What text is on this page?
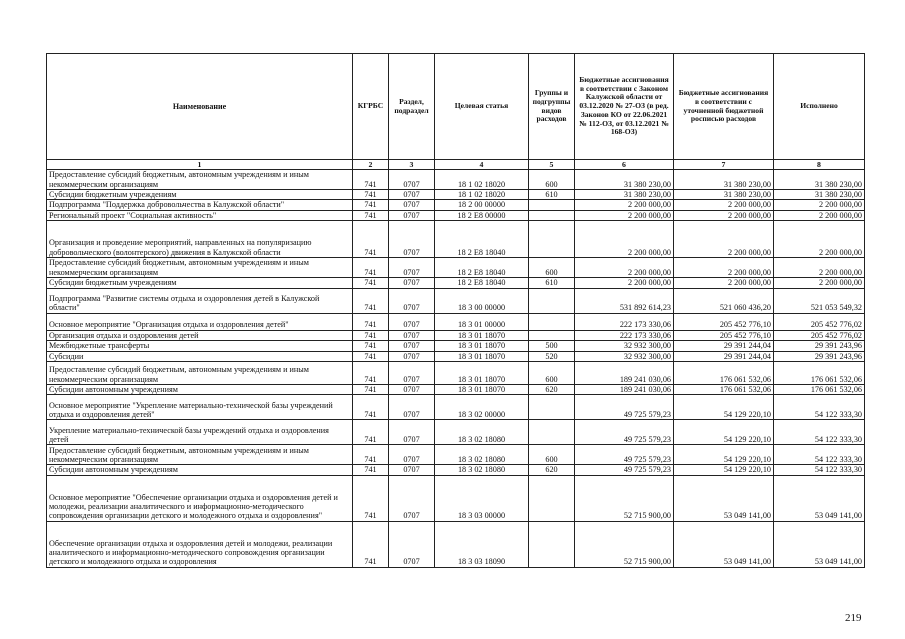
Наименование	КГРБС	Раздел, подраздел	Целевая статья	Группы и подгруппы видов расходов	Бюджетные ассигнования в соответствии с Законом Калужской области от 03.12.2020 № 27-ОЗ (в ред. Законов КО от 22.06.2021 № 112-ОЗ, от 03.12.2021 № 168-ОЗ)	Бюджетные ассигнования в соответствии с уточненной бюджетной росписью расходов	Исполнено
1	2	3	4	5	6	7	8
Предоставление субсидий бюджетным, автономным учреждениям и иным некоммерческим организациям	741	0707	18 1 02 18020	600	31 380 230,00	31 380 230,00	31 380 230,00
Субсидии бюджетным учреждениям	741	0707	18 1 02 18020	610	31 380 230,00	31 380 230,00	31 380 230,00
Подпрограмма "Поддержка добровольчества в Калужской области"	741	0707	18 2 00 00000		2 200 000,00	2 200 000,00	2 200 000,00
Региональный проект "Социальная активность"	741	0707	18 2 E8 00000		2 200 000,00	2 200 000,00	2 200 000,00
Организация и проведение мероприятий, направленных на популяризацию добровольческого (волонтерского) движения в Калужской области	741	0707	18 2 E8 18040		2 200 000,00	2 200 000,00	2 200 000,00
Предоставление субсидий бюджетным, автономным учреждениям и иным некоммерческим организациям	741	0707	18 2 E8 18040	600	2 200 000,00	2 200 000,00	2 200 000,00
Субсидии бюджетным учреждениям	741	0707	18 2 E8 18040	610	2 200 000,00	2 200 000,00	2 200 000,00
Подпрограмма "Развитие системы отдыха и оздоровления детей в Калужской области"	741	0707	18 3 00 00000		531 892 614,23	521 060 436,20	521 053 549,32
Основное мероприятие "Организация отдыха и оздоровления детей"	741	0707	18 3 01 00000		222 173 330,06	205 452 776,10	205 452 776,02
Организация отдыха и оздоровления детей	741	0707	18 3 01 18070		222 173 330,06	205 452 776,10	205 452 776,02
Межбюджетные трансферты	741	0707	18 3 01 18070	500	32 932 300,00	29 391 244,04	29 391 243,96
Субсидии	741	0707	18 3 01 18070	520	32 932 300,00	29 391 244,04	29 391 243,96
Предоставление субсидий бюджетным, автономным учреждениям и иным некоммерческим организациям	741	0707	18 3 01 18070	600	189 241 030,06	176 061 532,06	176 061 532,06
Субсидии автономным учреждениям	741	0707	18 3 01 18070	620	189 241 030,06	176 061 532,06	176 061 532,06
Основное мероприятие "Укрепление материально-технической базы учреждений отдыха и оздоровления детей"	741	0707	18 3 02 00000		49 725 579,23	54 129 220,10	54 122 333,30
Укрепление материально-технической базы учреждений отдыха и оздоровления детей	741	0707	18 3 02 18080		49 725 579,23	54 129 220,10	54 122 333,30
Предоставление субсидий бюджетным, автономным учреждениям и иным некоммерческим организациям	741	0707	18 3 02 18080	600	49 725 579,23	54 129 220,10	54 122 333,30
Субсидии автономным учреждениям	741	0707	18 3 02 18080	620	49 725 579,23	54 129 220,10	54 122 333,30
Основное мероприятие "Обеспечение организации отдыха и оздоровления детей и молодежи, реализации аналитического и информационно-методического сопровождения организации детского и молодежного отдыха и оздоровления"	741	0707	18 3 03 00000		52 715 900,00	53 049 141,00	53 049 141,00
Обеспечение организации отдыха и оздоровления детей и молодежи, реализации аналитического и информационно-методического сопровождения организации детского и молодежного отдыха и оздоровления	741	0707	18 3 03 18090		52 715 900,00	53 049 141,00	53 049 141,00
219
